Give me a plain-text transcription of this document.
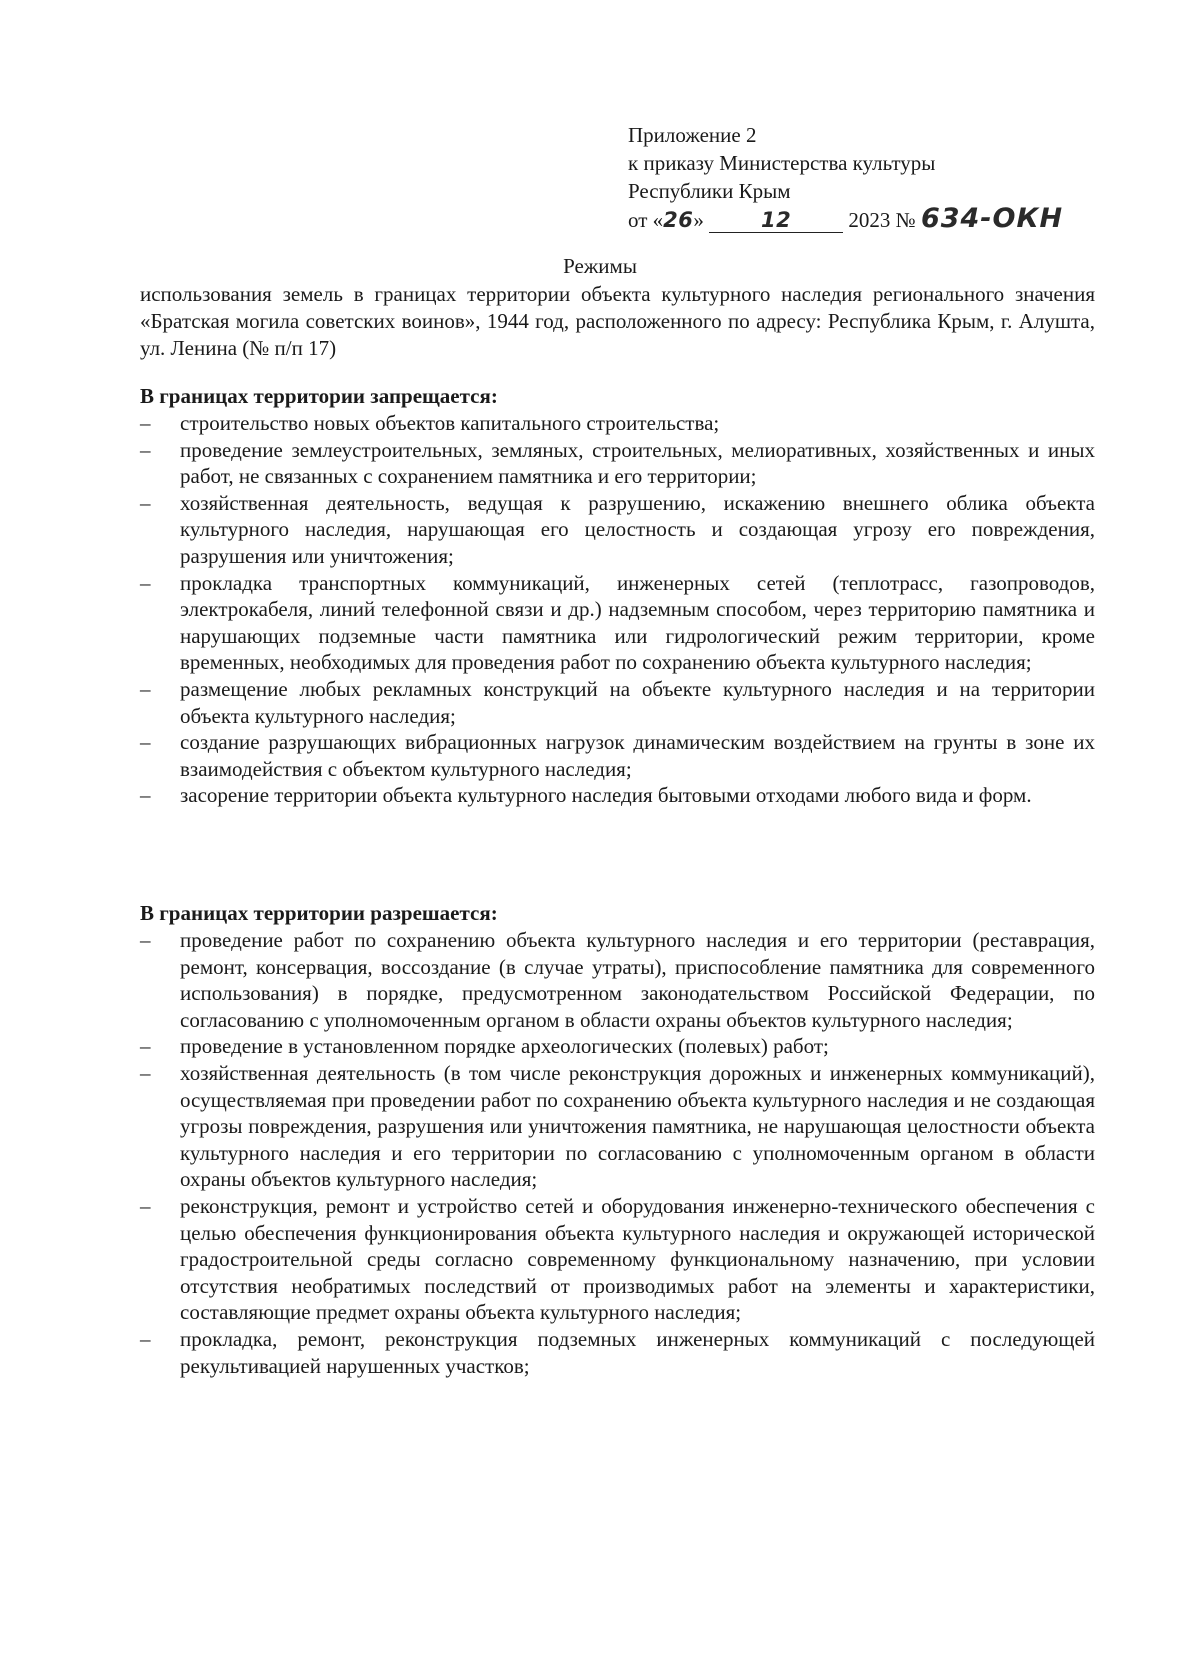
Приложение 2
к приказу Министерства культуры
Республики Крым
от «26»	12	2023 № 634-ОКН
Режимы
использования земель в границах территории объекта культурного наследия регионального значения «Братская могила советских воинов», 1944 год, расположенного по адресу: Республика Крым, г. Алушта, ул. Ленина (№ п/п 17)
В границах территории запрещается:
– строительство новых объектов капитального строительства;
– проведение землеустроительных, земляных, строительных, мелиоративных, хозяйственных и иных работ, не связанных с сохранением памятника и его территории;
– хозяйственная деятельность, ведущая к разрушению, искажению внешнего облика объекта культурного наследия, нарушающая его целостность и создающая угрозу его повреждения, разрушения или уничтожения;
– прокладка транспортных коммуникаций, инженерных сетей (теплотрасс, газопроводов, электрокабеля, линий телефонной связи и др.) надземным способом, через территорию памятника и нарушающих подземные части памятника или гидрологический режим территории, кроме временных, необходимых для проведения работ по сохранению объекта культурного наследия;
– размещение любых рекламных конструкций на объекте культурного наследия и на территории объекта культурного наследия;
– создание разрушающих вибрационных нагрузок динамическим воздействием на грунты в зоне их взаимодействия с объектом культурного наследия;
– засорение территории объекта культурного наследия бытовыми отходами любого вида и форм.
В границах территории разрешается:
– проведение работ по сохранению объекта культурного наследия и его территории (реставрация, ремонт, консервация, воссоздание (в случае утраты), приспособление памятника для современного использования) в порядке, предусмотренном законодательством Российской Федерации, по согласованию с уполномоченным органом в области охраны объектов культурного наследия;
– проведение в установленном порядке археологических (полевых) работ;
– хозяйственная деятельность (в том числе реконструкция дорожных и инженерных коммуникаций), осуществляемая при проведении работ по сохранению объекта культурного наследия и не создающая угрозы повреждения, разрушения или уничтожения памятника, не нарушающая целостности объекта культурного наследия и его территории по согласованию с уполномоченным органом в области охраны объектов культурного наследия;
– реконструкция, ремонт и устройство сетей и оборудования инженерно-технического обеспечения с целью обеспечения функционирования объекта культурного наследия и окружающей исторической градостроительной среды согласно современному функциональному назначению, при условии отсутствия необратимых последствий от производимых работ на элементы и характеристики, составляющие предмет охраны объекта культурного наследия;
– прокладка, ремонт, реконструкция подземных инженерных коммуникаций с последующей рекультивацией нарушенных участков;
